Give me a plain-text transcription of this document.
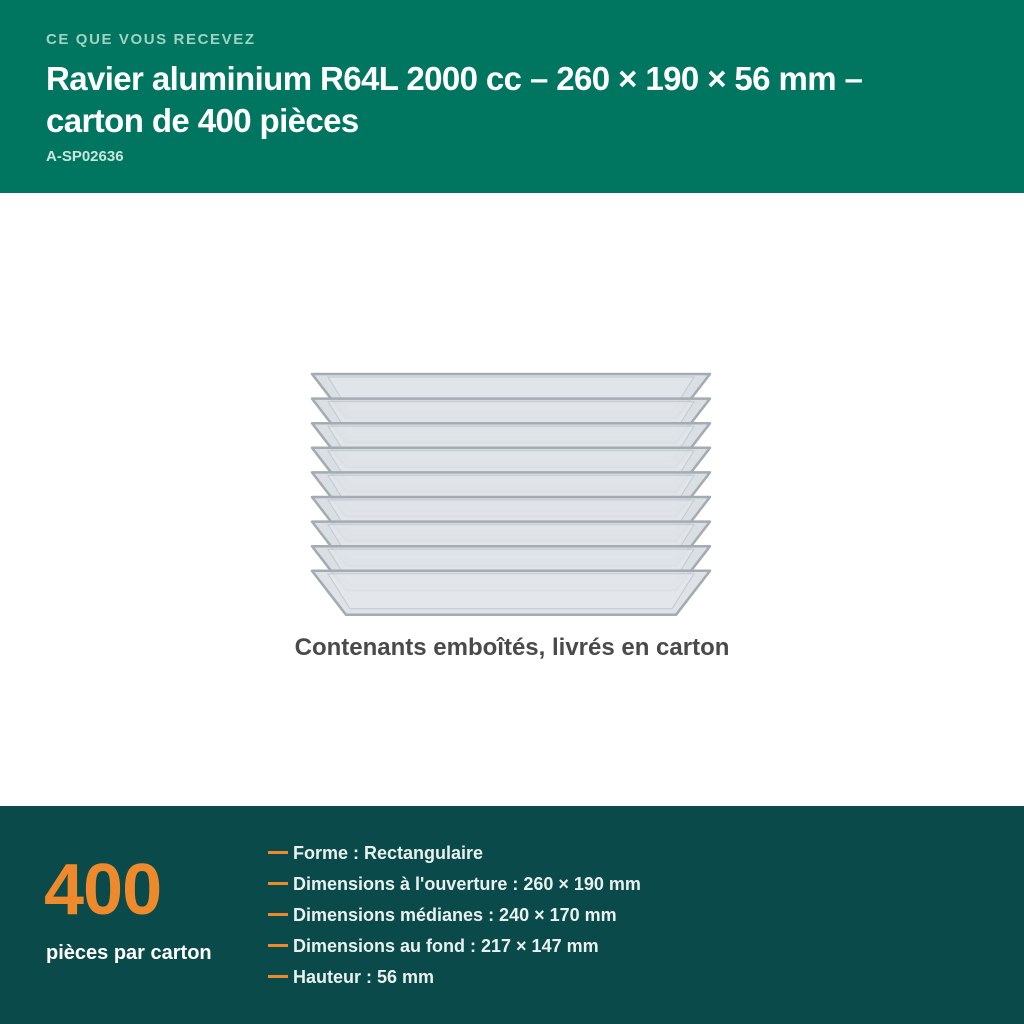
CE QUE VOUS RECEVEZ
Ravier aluminium R64L 2000 cc – 260 × 190 × 56 mm – carton de 400 pièces
A-SP02636
Contenants emboîtés, livrés en carton
400
pièces par carton
Forme : Rectangulaire
Dimensions à l'ouverture : 260 × 190 mm
Dimensions médianes : 240 × 170 mm
Dimensions au fond : 217 × 147 mm
Hauteur : 56 mm
